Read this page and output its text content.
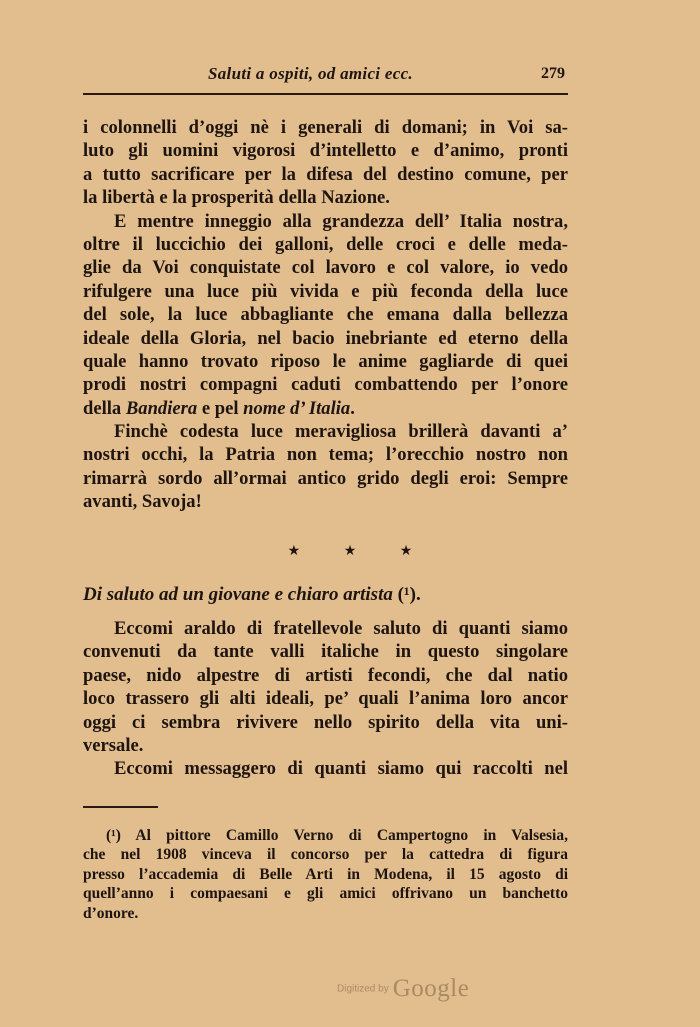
Saluti a ospiti, od amici ecc.	279
i colonnelli d’oggi nè i generali di domani; in Voi sa-
luto gli uomini vigorosi d’intelletto e d’animo, pronti
a tutto sacrificare per la difesa del destino comune, per
la libertà e la prosperità della Nazione.
E mentre inneggio alla grandezza dell’ Italia nostra,
oltre il luccichio dei galloni, delle croci e delle meda-
glie da Voi conquistate col lavoro e col valore, io vedo
rifulgere una luce più vivida e più feconda della luce
del sole, la luce abbagliante che emana dalla bellezza
ideale della Gloria, nel bacio inebriante ed eterno della
quale hanno trovato riposo le anime gagliarde di quei
prodi nostri compagni caduti combattendo per l’onore
della Bandiera e pel nome d’ Italia.
Finchè codesta luce meravigliosa brillerà davanti a’
nostri occhi, la Patria non tema; l’orecchio nostro non
rimarrà sordo all’ormai antico grido degli eroi: Sempre
avanti, Savoja!
★ ★ ★
Di saluto ad un giovane e chiaro artista (¹).
Eccomi araldo di fratellevole saluto di quanti siamo
convenuti da tante valli italiche in questo singolare
paese, nido alpestre di artisti fecondi, che dal natio
loco trassero gli alti ideali, pe’ quali l’anima loro ancor
oggi ci sembra rivivere nello spirito della vita uni-
versale.
Eccomi messaggero di quanti siamo qui raccolti nel
(¹) Al pittore Camillo Verno di Campertogno in Valsesia,
che nel 1908 vinceva il concorso per la cattedra di figura
presso l’accademia di Belle Arti in Modena, il 15 agosto di
quell’anno i compaesani e gli amici offrivano un banchetto
d’onore.
Digitized by Google
